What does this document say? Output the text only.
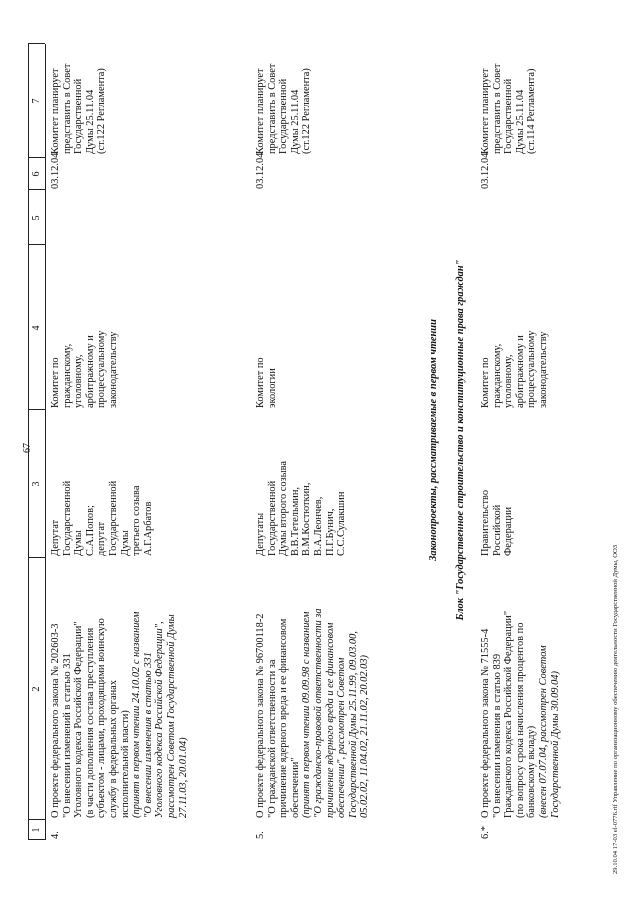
67
1
2
3
4
5
6
7
4.
О проекте федерального закона № 202603-3 "О внесении изменений в статью 331 Уголовного кодекса Российской Федерации" (в части дополнения состава преступления субъектом - лицами, проходящими воинскую службу в федеральных органах исполнительной власти) (принят в первом чтении 24.10.02 с названием "О внесении изменения в статью 331 Уголовного кодекса Российской Федерации", рассмотрен Советом Государственной Думы 27.11.03, 20.01.04)
Депутат Государственной Думы С.А.Попов; депутат Государственной Думы третьего созыва А.Г.Арбатов
Комитет по гражданскому, уголовному, арбитражному и процессуальному законодательству
03.12.04
Комитет планирует представить в Совет Государственной Думы 25.11.04 (ст.122 Регламента)
5.
О проекте федерального закона № 96700118-2 "О гражданской ответственности за причинение ядерного вреда и ее финансовом обеспечении" (принят в первом чтении 09.09.98 с названием "О гражданско-правовой ответственности за причинение ядерного вреда и ее финансовом обеспечении", рассмотрен Советом Государственной Думы 25.11.99, 09.03.00, 05.02.02, 11.04.02, 21.11.02, 20.02.03)
Депутаты Государственной Думы второго созыва В.В.Тетельмин, В.М.Костюткин, В.А.Леончев, П.Г.Бунич, С.С.Сулакшин
Комитет по экологии
03.12.04
Комитет планирует представить в Совет Государственной Думы 25.11.04 (ст.122 Регламента)
Законопроекты, рассматриваемые в первом чтении Блок "Государственное строительство и конституционные права граждан"
6.*
О проекте федерального закона № 71555-4 "О внесении изменения в статью 839 Гражданского кодекса Российской Федерации" (по вопросу срока начисления процентов по банковскому вкладу) (внесен 07.07.04, рассмотрен Советом Государственной Думы 30.09.04)
Правительство Российской Федерации
Комитет по гражданскому, уголовному, арбитражному и процессуальному законодательству
03.12.04
Комитет планирует представить в Совет Государственной Думы 25.11.04 (ст.114 Регламента)
29.10.04 17-03 el-0776.rtf Управление по организационному обеспечению деятельности Государственной Думы, ООЗ
